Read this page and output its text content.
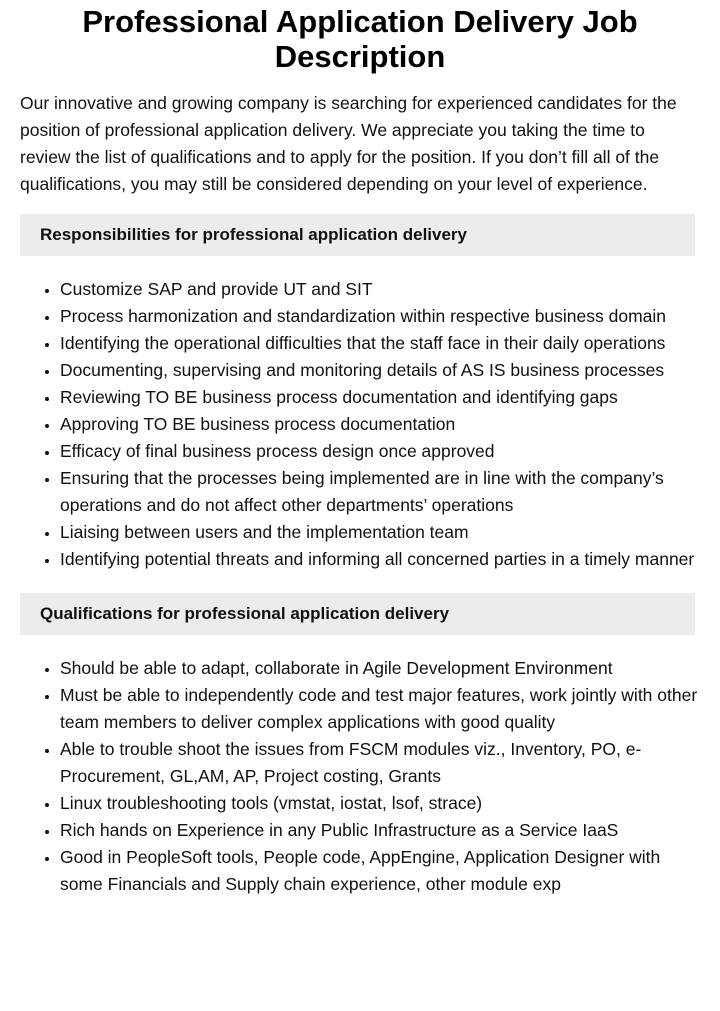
Professional Application Delivery Job Description

Our innovative and growing company is searching for experienced candidates for the position of professional application delivery. We appreciate you taking the time to review the list of qualifications and to apply for the position. If you don’t fill all of the qualifications, you may still be considered depending on your level of experience.

Responsibilities for professional application delivery
• Customize SAP and provide UT and SIT
• Process harmonization and standardization within respective business domain
• Identifying the operational difficulties that the staff face in their daily operations
• Documenting, supervising and monitoring details of AS IS business processes
• Reviewing TO BE business process documentation and identifying gaps
• Approving TO BE business process documentation
• Efficacy of final business process design once approved
• Ensuring that the processes being implemented are in line with the company’s operations and do not affect other departments’ operations
• Liaising between users and the implementation team
• Identifying potential threats and informing all concerned parties in a timely manner
Qualifications for professional application delivery
• Should be able to adapt, collaborate in Agile Development Environment
• Must be able to independently code and test major features, work jointly with other team members to deliver complex applications with good quality
• Able to trouble shoot the issues from FSCM modules viz., Inventory, PO, e-Procurement, GL,AM, AP, Project costing, Grants
• Linux troubleshooting tools (vmstat, iostat, lsof, strace)
• Rich hands on Experience in any Public Infrastructure as a Service IaaS
• Good in PeopleSoft tools, People code, AppEngine, Application Designer with some Financials and Supply chain experience, other module exp
